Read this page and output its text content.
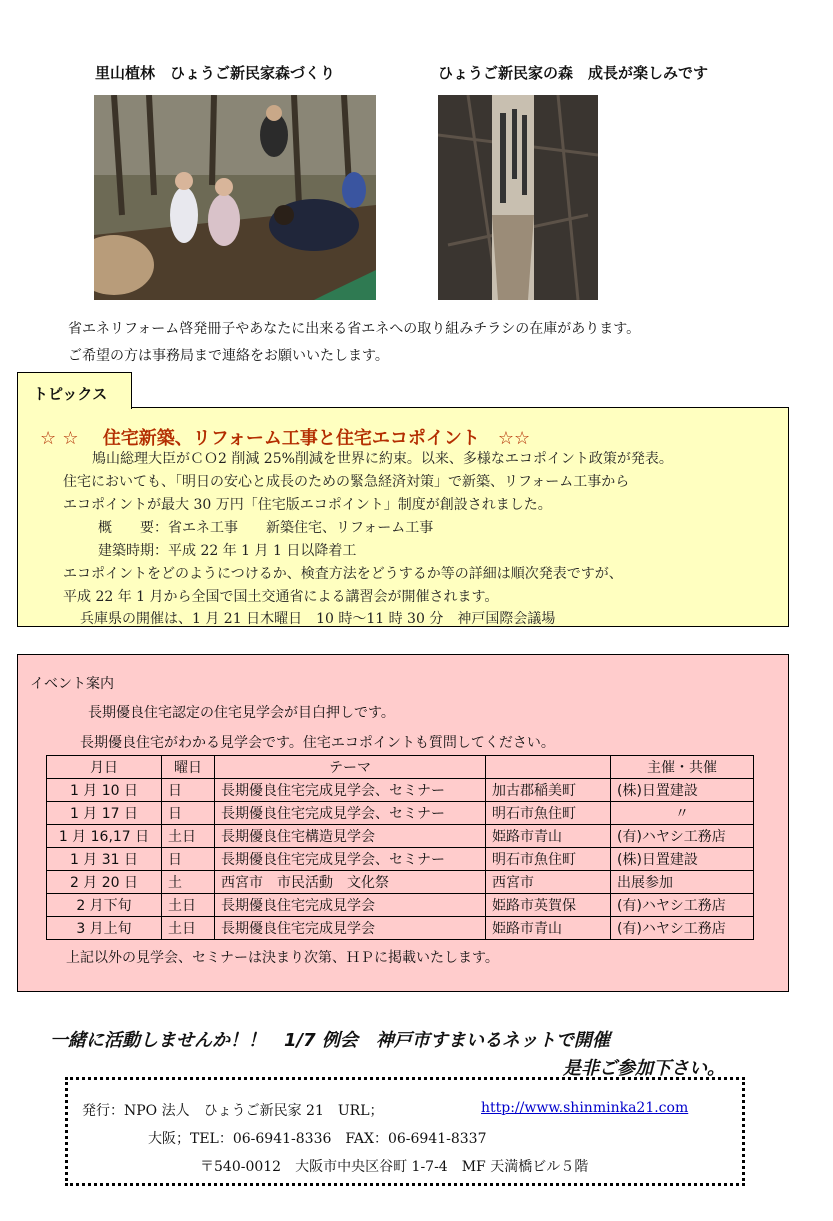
里山植林　ひょうご新民家森づくり	ひょうご新民家の森　成長が楽しみです
省エネリフォーム啓発冊子やあなたに出来る省エネへの取り組みチラシの在庫があります。
ご希望の方は事務局まで連絡をお願いいたします。
トピックス
☆ ☆　 住宅新築、リフォーム工事と住宅エコポイント　☆☆
鳩山総理大臣がＣＯ2 削減 25%削減を世界に約束。以来、多様なエコポイント政策が発表。
住宅においても、「明日の安心と成長のための緊急経済対策」で新築、リフォーム工事から
エコポイントが最大 30 万円「住宅版エコポイント」制度が創設されました。
概　　要：省エネ工事　　新築住宅、リフォーム工事
建築時期：平成 22 年 1 月 1 日以降着工
エコポイントをどのようにつけるか、検査方法をどうするか等の詳細は順次発表ですが、
平成 22 年 1 月から全国で国土交通省による講習会が開催されます。
兵庫県の開催は、1 月 21 日木曜日　10 時～11 時 30 分　神戸国際会議場
イベント案内
長期優良住宅認定の住宅見学会が目白押しです。
長期優良住宅がわかる見学会です。住宅エコポイントも質問してください。
月日	曜日	テーマ		主催・共催
1 月 10 日	日	長期優良住宅完成見学会、セミナー	加古郡稲美町	(株)日置建設
1 月 17 日	日	長期優良住宅完成見学会、セミナー	明石市魚住町	〃
1 月 16,17 日	土日	長期優良住宅構造見学会	姫路市青山	(有)ハヤシ工務店
1 月 31 日	日	長期優良住宅完成見学会、セミナー	明石市魚住町	(株)日置建設
2 月 20 日	土	西宮市　市民活動　文化祭	西宮市	出展参加
2 月下旬	土日	長期優良住宅完成見学会	姫路市英賀保	(有)ハヤシ工務店
3 月上旬	土日	長期優良住宅完成見学会	姫路市青山	(有)ハヤシ工務店
上記以外の見学会、セミナーは決まり次第、ＨＰに掲載いたします。
一緒に活動しませんか！！　1/7 例会　神戸市すまいるネットで開催
是非ご参加下さい。
発行：NPO 法人　ひょうご新民家 21　URL；	http://www.shinminka21.com
大阪；TEL：06-6941-8336　FAX：06-6941-8337
〒540-0012　大阪市中央区谷町 1-7-4　MF 天満橋ビル５階
